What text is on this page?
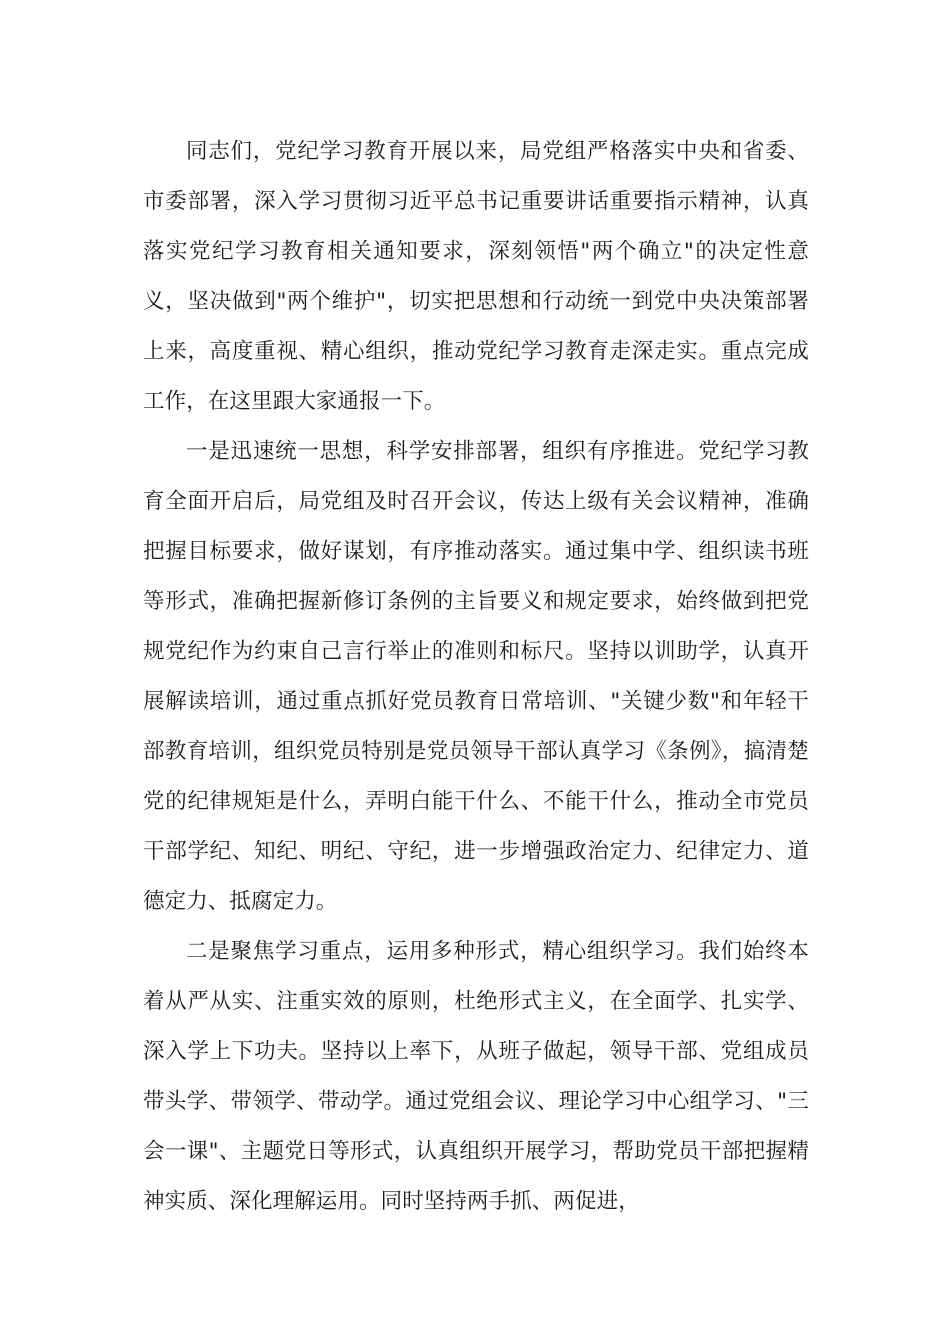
同志们，党纪学习教育开展以来，局党组严格落实中央和省委、市委部署，深入学习贯彻习近平总书记重要讲话重要指示精神，认真落实党纪学习教育相关通知要求，深刻领悟"两个确立"的决定性意义，坚决做到"两个维护"，切实把思想和行动统一到党中央决策部署上来，高度重视、精心组织，推动党纪学习教育走深走实。重点完成工作，在这里跟大家通报一下。

一是迅速统一思想，科学安排部署，组织有序推进。党纪学习教育全面开启后，局党组及时召开会议，传达上级有关会议精神，准确把握目标要求，做好谋划，有序推动落实。通过集中学、组织读书班等形式，准确把握新修订条例的主旨要义和规定要求，始终做到把党规党纪作为约束自己言行举止的准则和标尺。坚持以训助学，认真开展解读培训，通过重点抓好党员教育日常培训、"关键少数"和年轻干部教育培训，组织党员特别是党员领导干部认真学习《条例》，搞清楚党的纪律规矩是什么，弄明白能干什么、不能干什么，推动全市党员干部学纪、知纪、明纪、守纪，进一步增强政治定力、纪律定力、道德定力、抵腐定力。

二是聚焦学习重点，运用多种形式，精心组织学习。我们始终本着从严从实、注重实效的原则，杜绝形式主义，在全面学、扎实学、深入学上下功夫。坚持以上率下，从班子做起，领导干部、党组成员带头学、带领学、带动学。通过党组会议、理论学习中心组学习、"三会一课"、主题党日等形式，认真组织开展学习，帮助党员干部把握精神实质、深化理解运用。同时坚持两手抓、两促进，
